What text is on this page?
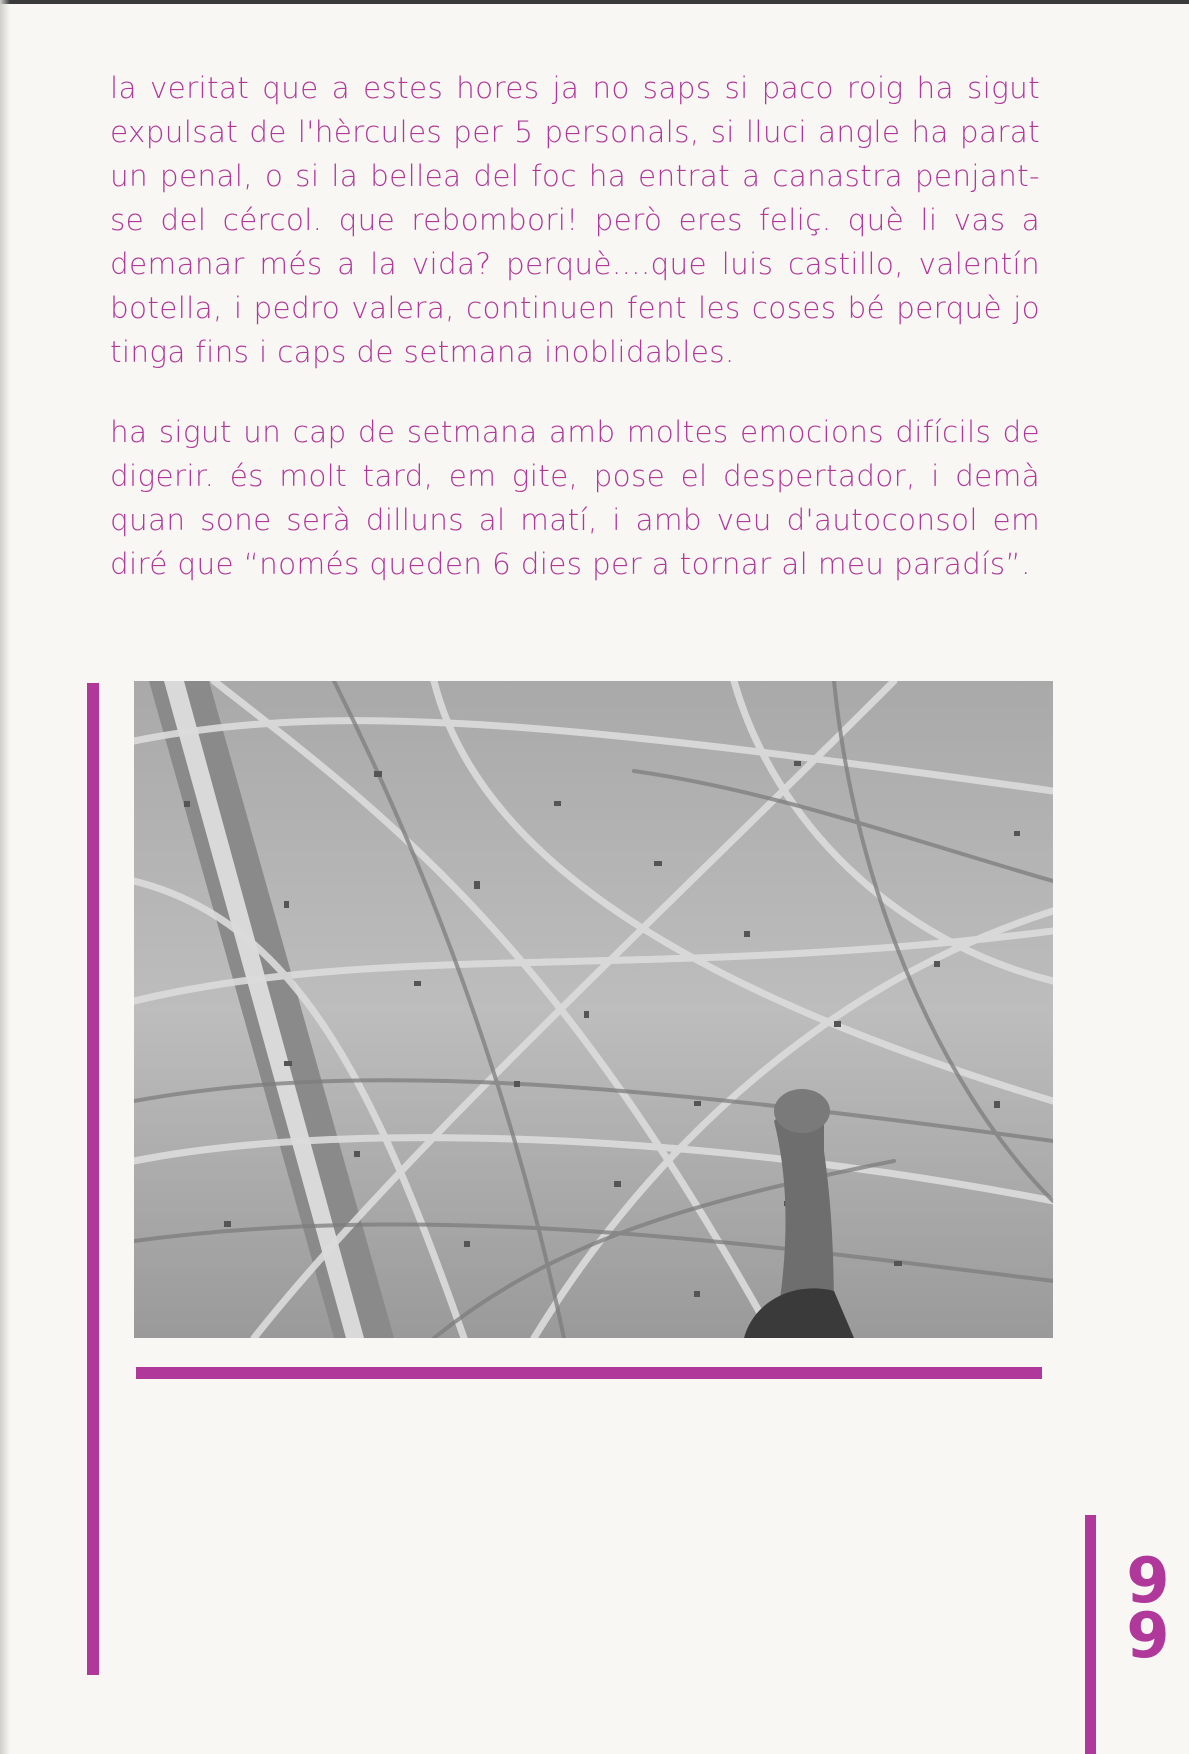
la veritat que a estes hores ja no saps si paco roig ha sigut expulsat de l'hèrcules per 5 personals, si lluci angle ha parat un penal, o si la bellea del foc ha entrat a canastra penjant-se del cércol. que rebombori! però eres feliç. què li vas a demanar més a la vida? perquè....que luis castillo, valentín botella, i pedro valera, continuen fent les coses bé perquè jo tinga fins i caps de setmana inoblidables.

ha sigut un cap de setmana amb moltes emocions difícils de digerir. és molt tard, em gite, pose el despertador, i demà quan sone serà dilluns al matí, i amb veu d'autoconsol em diré que “només queden 6 dies per a tornar al meu paradís”.

9
9
